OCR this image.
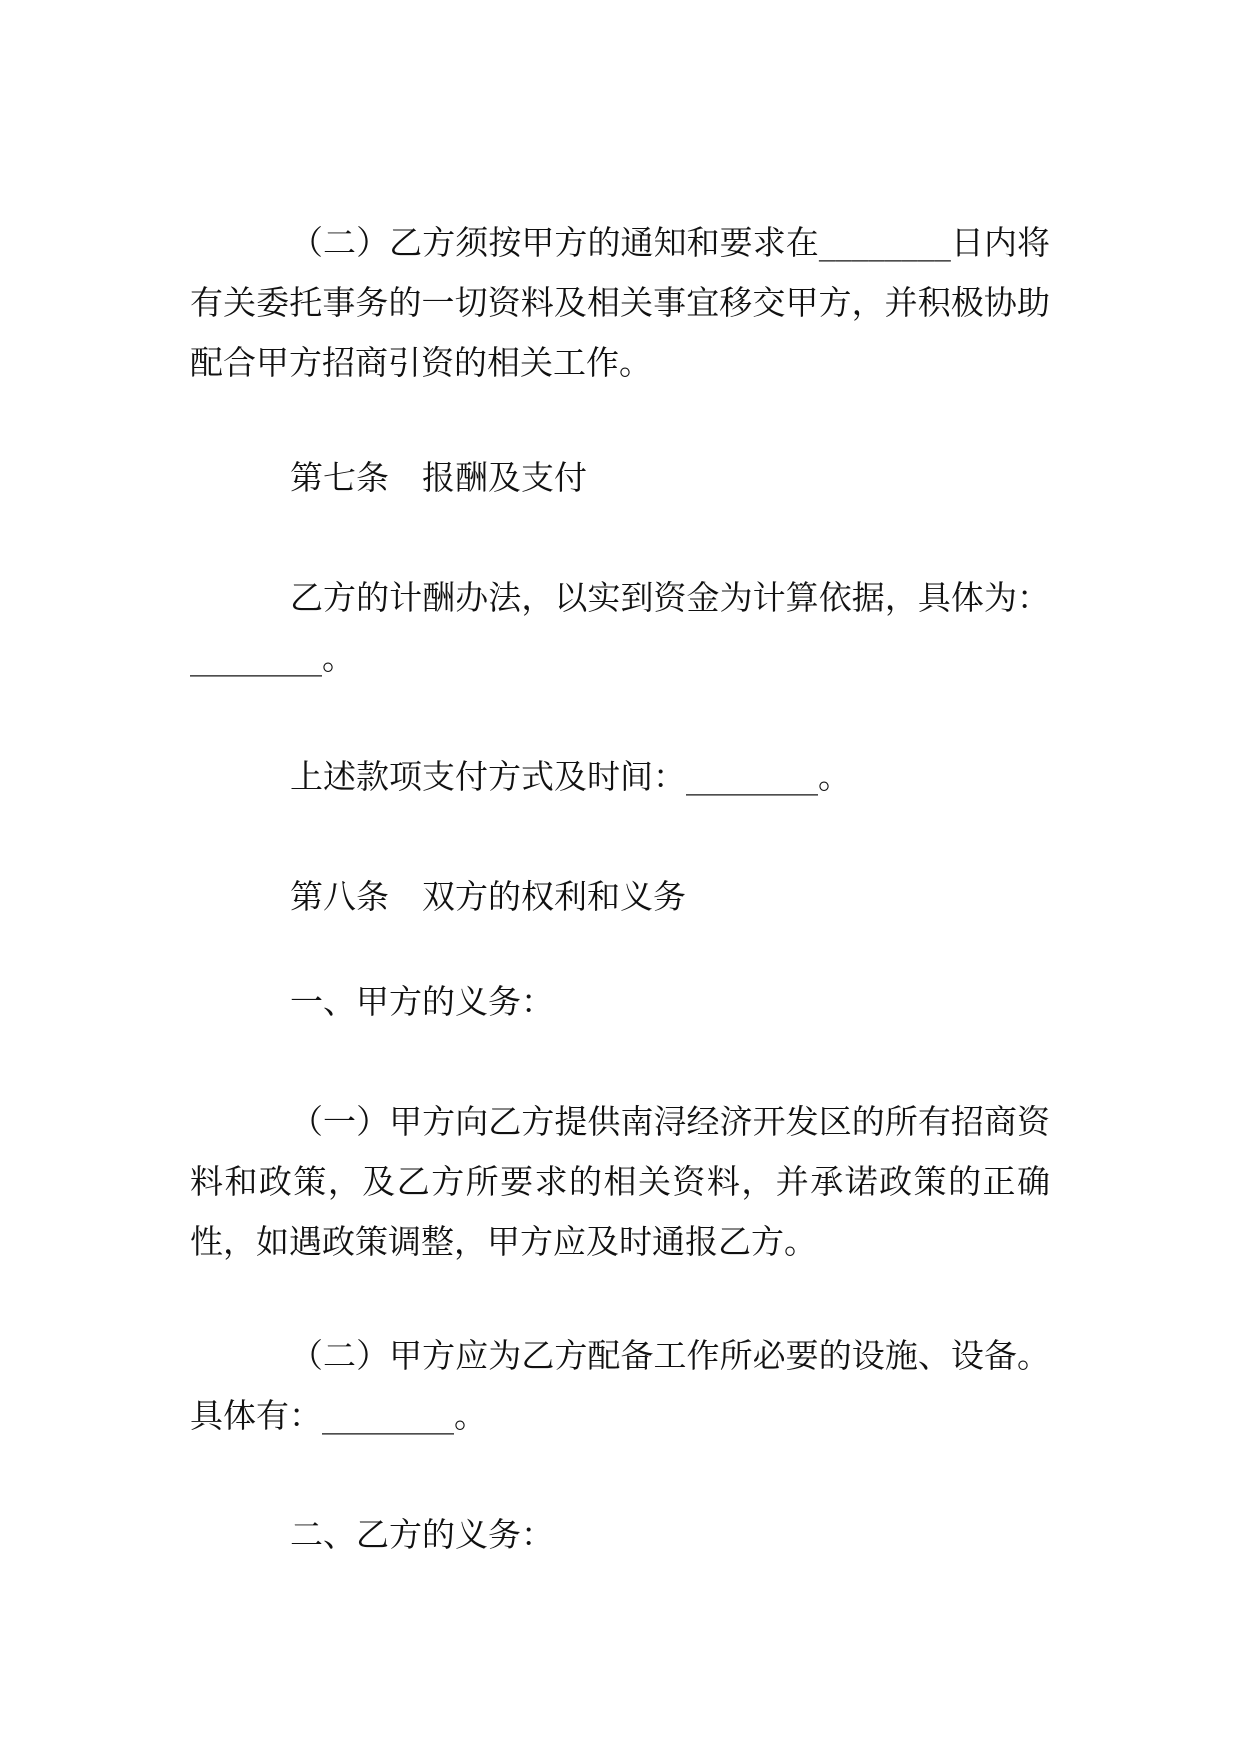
（二）乙方须按甲方的通知和要求在________日内将有关委托事务的一切资料及相关事宜移交甲方，并积极协助配合甲方招商引资的相关工作。

第七条　报酬及支付

乙方的计酬办法，以实到资金为计算依据，具体为：________。

上述款项支付方式及时间：________。

第八条　双方的权利和义务

一、甲方的义务：

（一）甲方向乙方提供南浔经济开发区的所有招商资料和政策，及乙方所要求的相关资料，并承诺政策的正确性，如遇政策调整，甲方应及时通报乙方。

（二）甲方应为乙方配备工作所必要的设施、设备。具体有：________。

二、乙方的义务：
